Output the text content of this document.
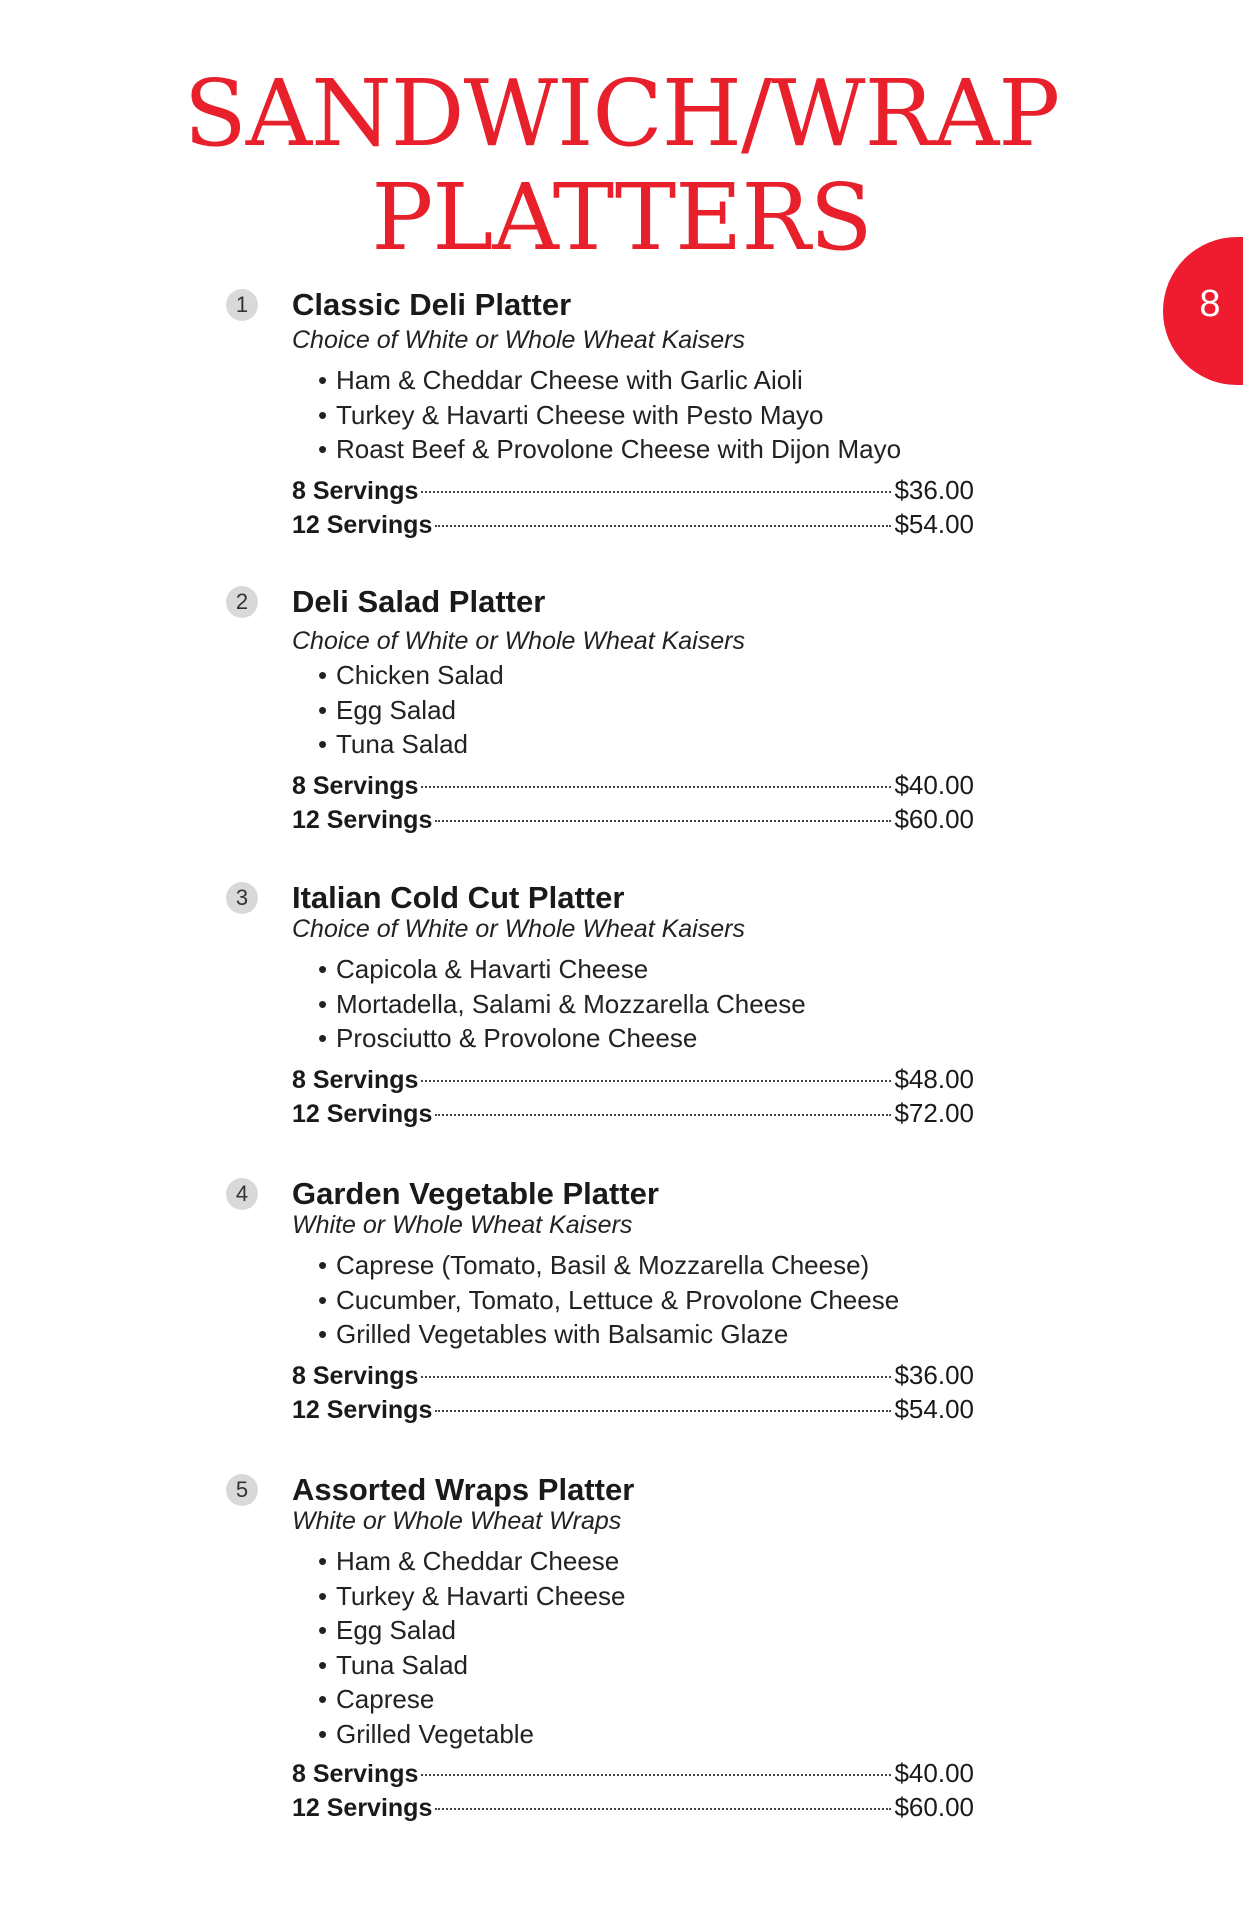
SANDWICH/WRAP
PLATTERS
8
1	Classic Deli Platter
Choice of White or Whole Wheat Kaisers
• Ham & Cheddar Cheese with Garlic Aioli
• Turkey & Havarti Cheese with Pesto Mayo
• Roast Beef & Provolone Cheese with Dijon Mayo
8 Servings	$36.00
12 Servings	$54.00
2	Deli Salad Platter
Choice of White or Whole Wheat Kaisers
• Chicken Salad
• Egg Salad
• Tuna Salad
8 Servings	$40.00
12 Servings	$60.00
3	Italian Cold Cut Platter
Choice of White or Whole Wheat Kaisers
• Capicola & Havarti Cheese
• Mortadella, Salami & Mozzarella Cheese
• Prosciutto & Provolone Cheese
8 Servings	$48.00
12 Servings	$72.00
4	Garden Vegetable Platter
White or Whole Wheat Kaisers
• Caprese (Tomato, Basil & Mozzarella Cheese)
• Cucumber, Tomato, Lettuce & Provolone Cheese
• Grilled Vegetables with Balsamic Glaze
8 Servings	$36.00
12 Servings	$54.00
5	Assorted Wraps Platter
White or Whole Wheat Wraps
• Ham & Cheddar Cheese
• Turkey & Havarti Cheese
• Egg Salad
• Tuna Salad
• Caprese
• Grilled Vegetable
8 Servings	$40.00
12 Servings	$60.00
